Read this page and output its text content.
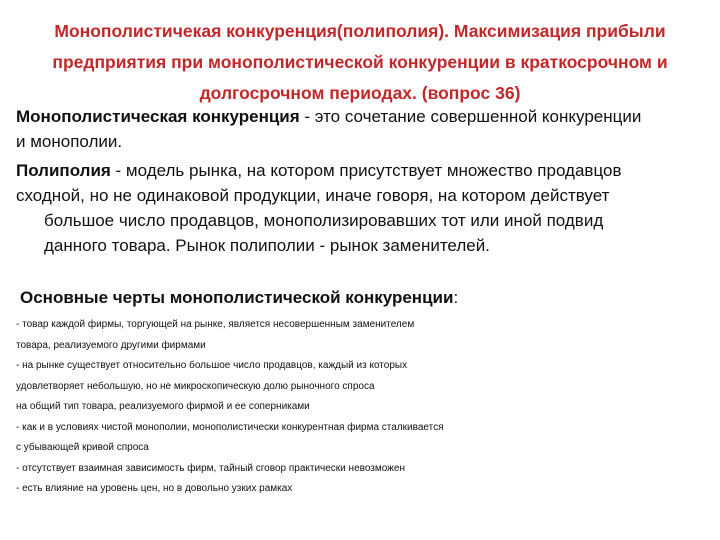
Монополистичекая конкуренция(полиполия). Максимизация прибыли
предприятия при монополистической конкуренции в краткосрочном и
долгосрочном периодах. (вопрос 36)
Монополистическая конкуренция - это сочетание совершенной конкуренции
и монополии.
Полиполия - модель рынка, на котором присутствует множество продавцов
сходной, но не одинаковой продукции, иначе говоря, на котором действует
большое число продавцов, монополизировавших тот или иной подвид
данного товара. Рынок полиполии - рынок заменителей.
Основные черты монополистической конкуренции:
- товар каждой фирмы, торгующей на рынке, является несовершенным заменителем
товара, реализуемого другими фирмами
- на рынке существует относительно большое число продавцов, каждый из которых
удовлетворяет небольшую, но не микроскопическую долю рыночного спроса
на общий тип товара, реализуемого фирмой и ее соперниками
- как и в условиях чистой монополии, монополистически конкурентная фирма сталкивается
с убывающей кривой спроса
- отсутствует взаимная зависимость фирм, тайный сговор практически невозможен
- есть влияние на уровень цен, но в довольно узких рамках
